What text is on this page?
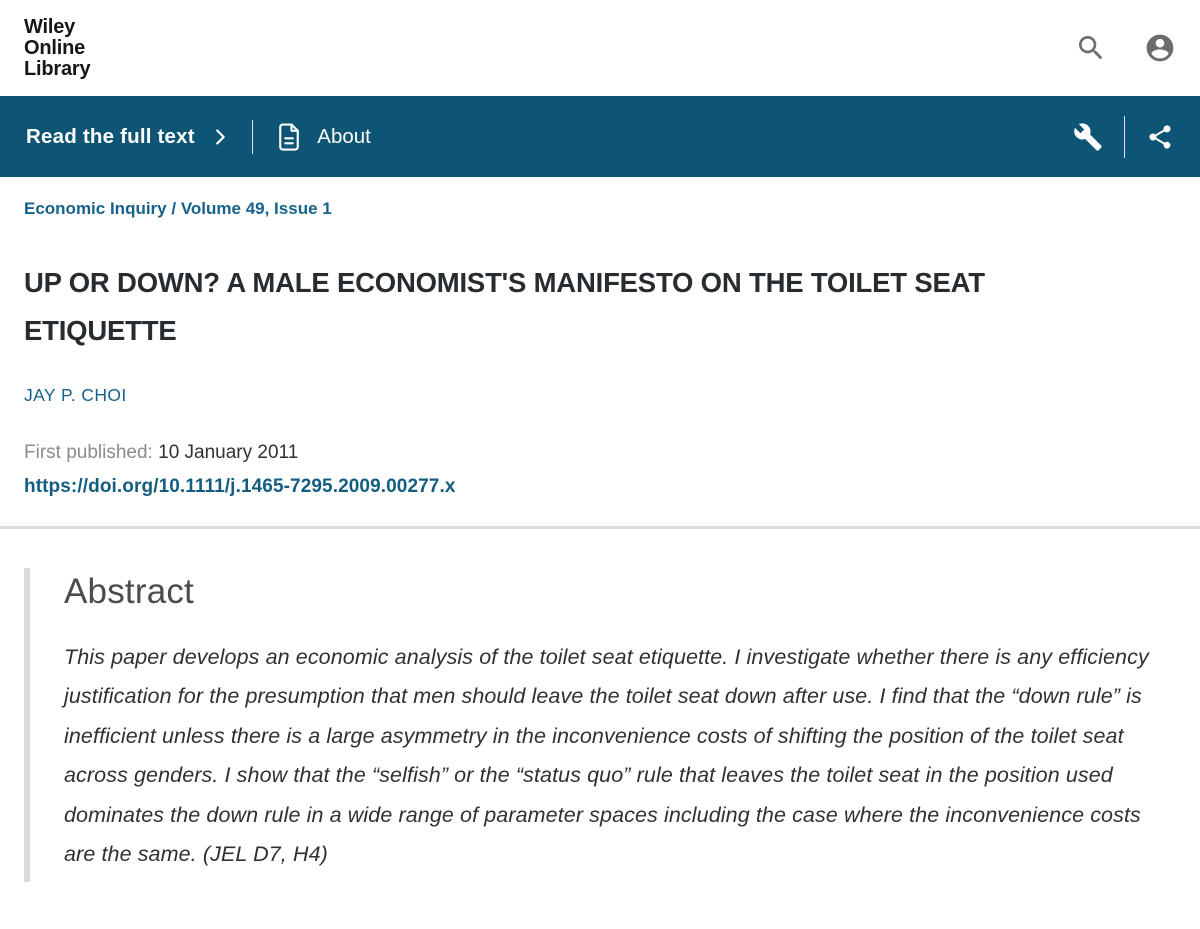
Wiley
Online
Library
Read the full text	About
Economic Inquiry / Volume 49, Issue 1
UP OR DOWN? A MALE ECONOMIST'S MANIFESTO ON THE TOILET SEAT ETIQUETTE
JAY P. CHOI
First published: 10 January 2011
https://doi.org/10.1111/j.1465-7295.2009.00277.x
Abstract

This paper develops an economic analysis of the toilet seat etiquette. I investigate whether there is any efficiency justification for the presumption that men should leave the toilet seat down after use. I find that the “down rule” is inefficient unless there is a large asymmetry in the inconvenience costs of shifting the position of the toilet seat across genders. I show that the “selfish” or the “status quo” rule that leaves the toilet seat in the position used dominates the down rule in a wide range of parameter spaces including the case where the inconvenience costs are the same. (JEL D7, H4)
